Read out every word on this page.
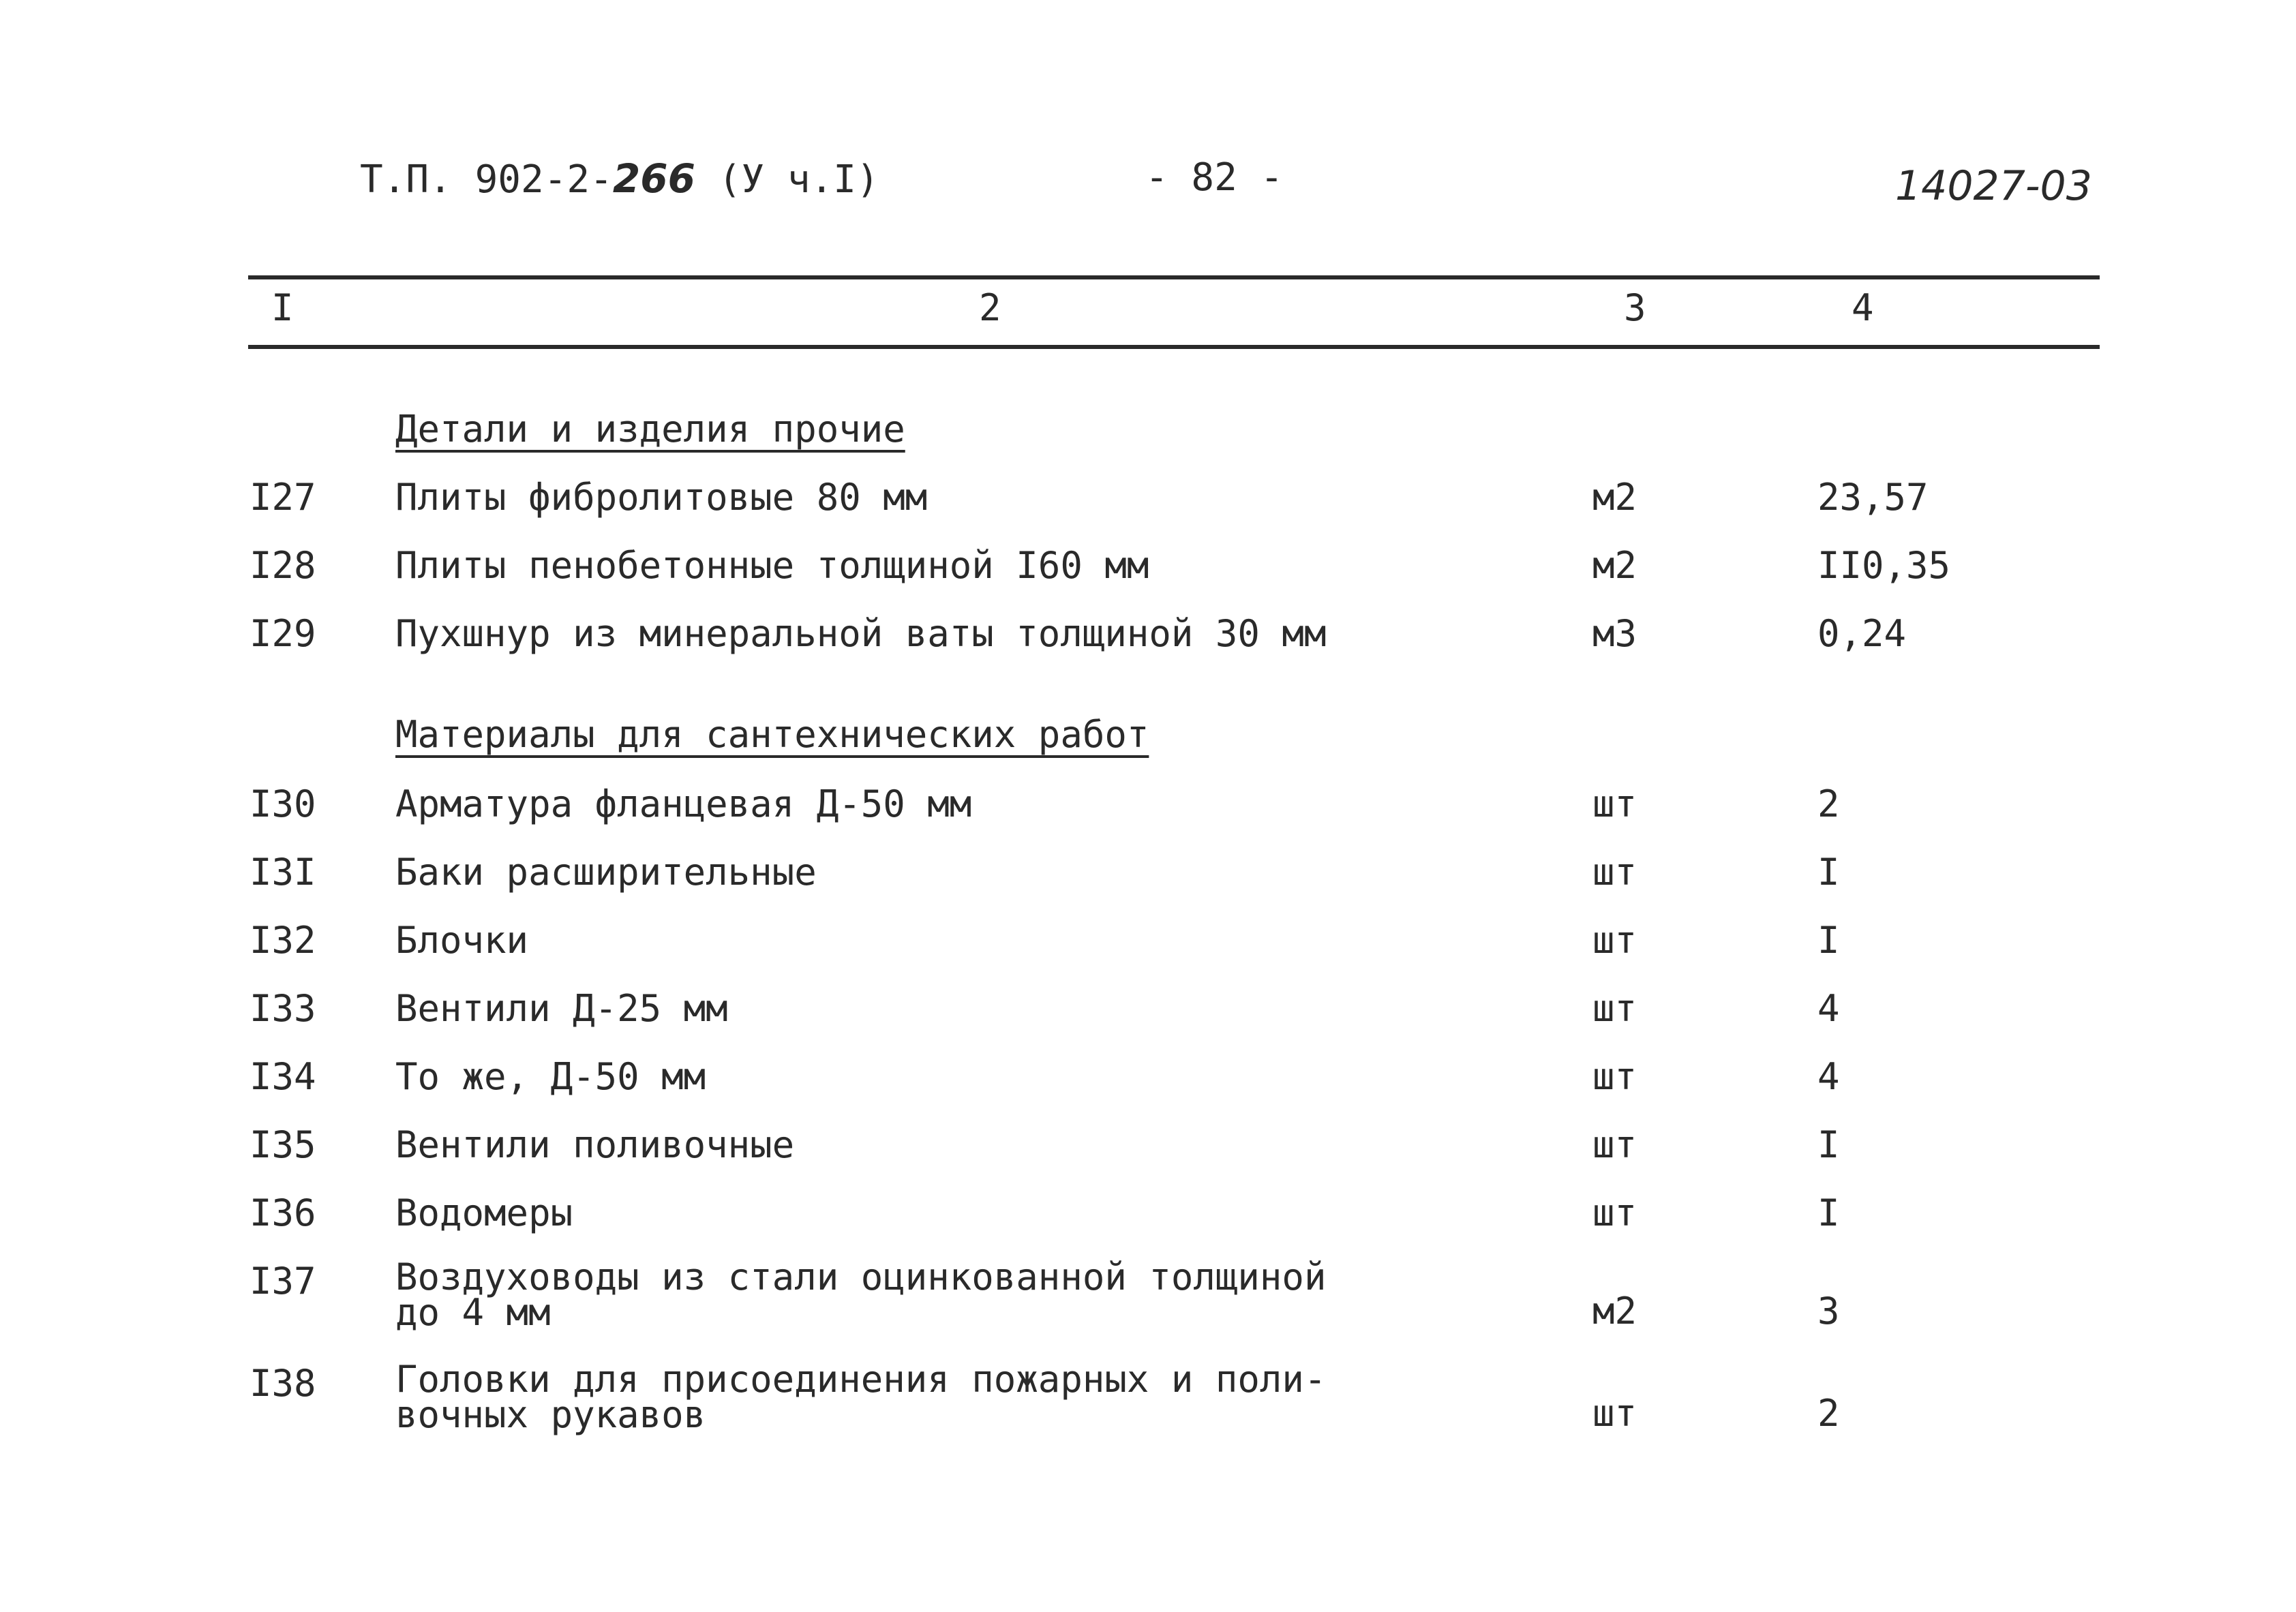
Т.П. 902-2-266 (У ч.I)	- 82 -	14027-03
I	2	3	4
Детали и изделия прочие
I27 Плиты фибролитовые 80 мм	м2	23,57
I28 Плиты пенобетонные толщиной I60 мм	м2	II0,35
I29 Пухшнур из минеральной ваты толщиной 30 мм	м3	0,24
Материалы для сантехнических работ
I30 Арматура фланцевая Д-50 мм	шт	2
I3I Баки расширительные	шт	I
I32 Блочки	шт	I
I33 Вентили Д-25 мм	шт	4
I34 То же, Д-50 мм	шт	4
I35 Вентили поливочные	шт	I
I36 Водомеры	шт	I
I37 Воздуховоды из стали оцинкованной толщиной
до 4 мм	м2	3
I38 Головки для присоединения пожарных и поли-
вочных рукавов	шт	2
